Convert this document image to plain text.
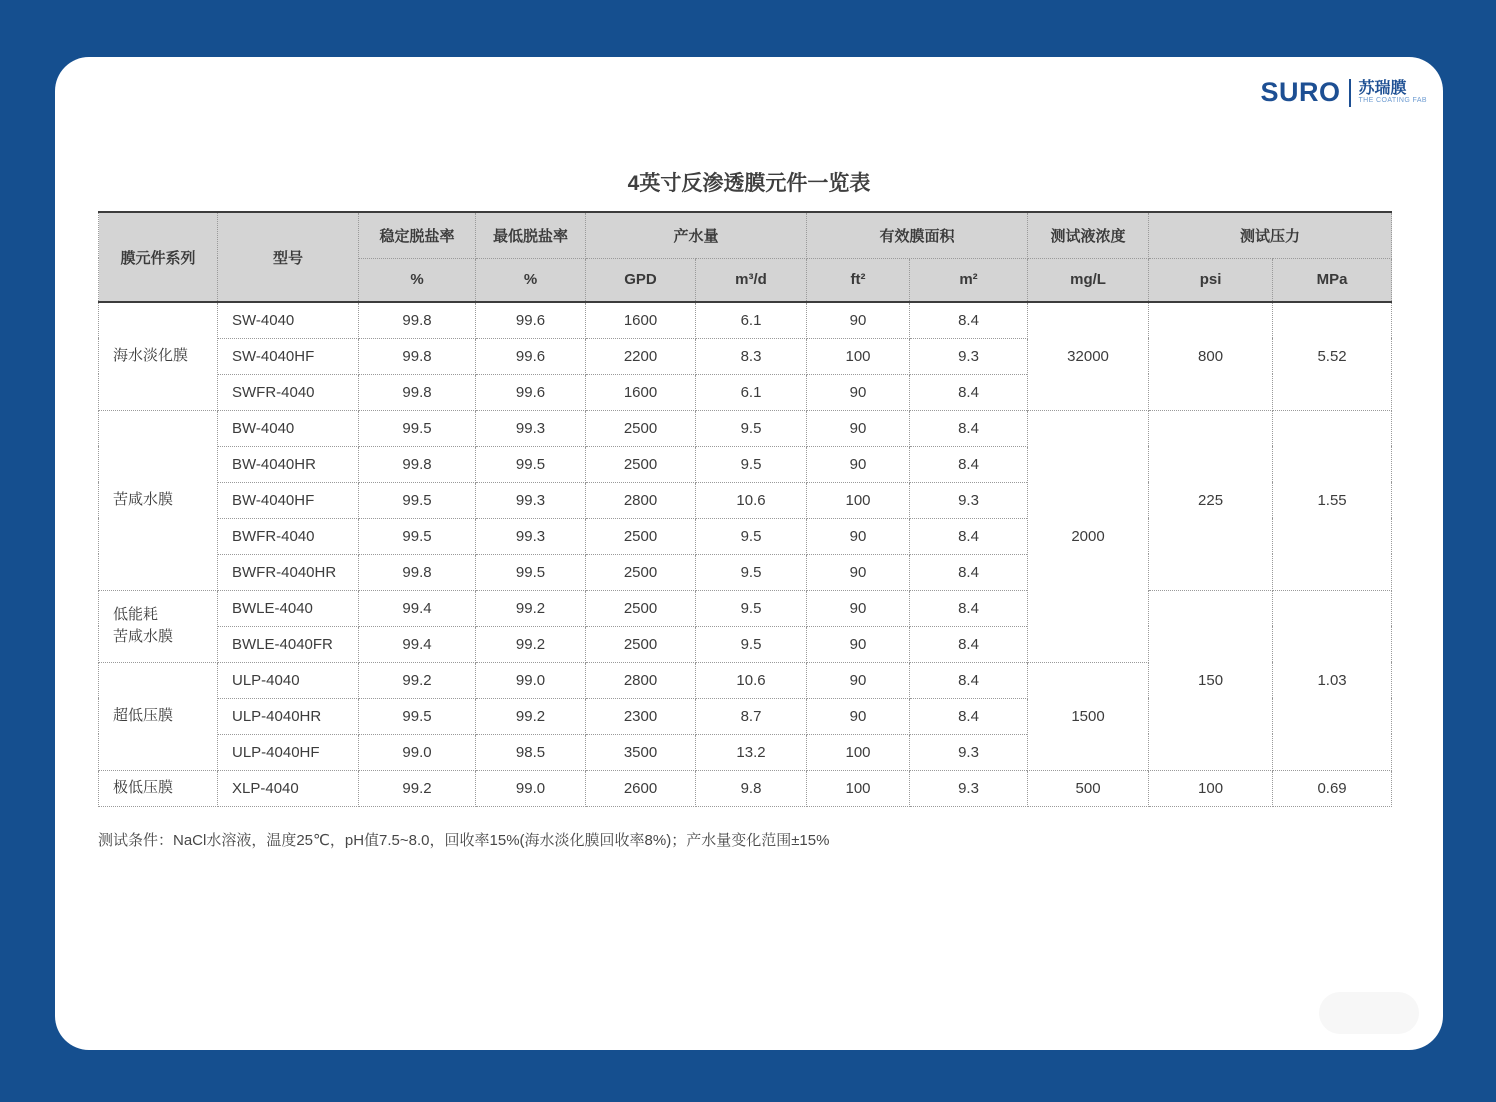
SURO 苏瑞膜
THE COATING FAB
4英寸反渗透膜元件一览表
膜元件系列	型号	稳定脱盐率	最低脱盐率	产水量		有效膜面积		测试液浓度	测试压力	
		%	%	GPD	m³/d	ft²	m²	mg/L	psi	MPa
海水淡化膜	SW-4040	99.8	99.6	1600	6.1	90	8.4	32000	800	5.52
	SW-4040HF	99.8	99.6	2200	8.3	100	9.3			
	SWFR-4040	99.8	99.6	1600	6.1	90	8.4			
苦咸水膜	BW-4040	99.5	99.3	2500	9.5	90	8.4	2000	225	1.55
	BW-4040HR	99.8	99.5	2500	9.5	90	8.4			
	BW-4040HF	99.5	99.3	2800	10.6	100	9.3			
	BWFR-4040	99.5	99.3	2500	9.5	90	8.4			
	BWFR-4040HR	99.8	99.5	2500	9.5	90	8.4			

低能耗
苦咸水膜	BWLE-4040	99.4	99.2	2500	9.5	90	8.4		150	1.03
	BWLE-4040FR	99.4	99.2	2500	9.5	90	8.4			
超低压膜	ULP-4040	99.2	99.0	2800	10.6	90	8.4	1500		
	ULP-4040HR	99.5	99.2	2300	8.7	90	8.4			
	ULP-4040HF	99.0	98.5	3500	13.2	100	9.3			
极低压膜	XLP-4040	99.2	99.0	2600	9.8	100	9.3	500	100	0.69

测试条件：NaCl水溶液，温度25℃，pH值7.5~8.0，回收率15%(海水淡化膜回收率8%)；产水量变化范围±15%
